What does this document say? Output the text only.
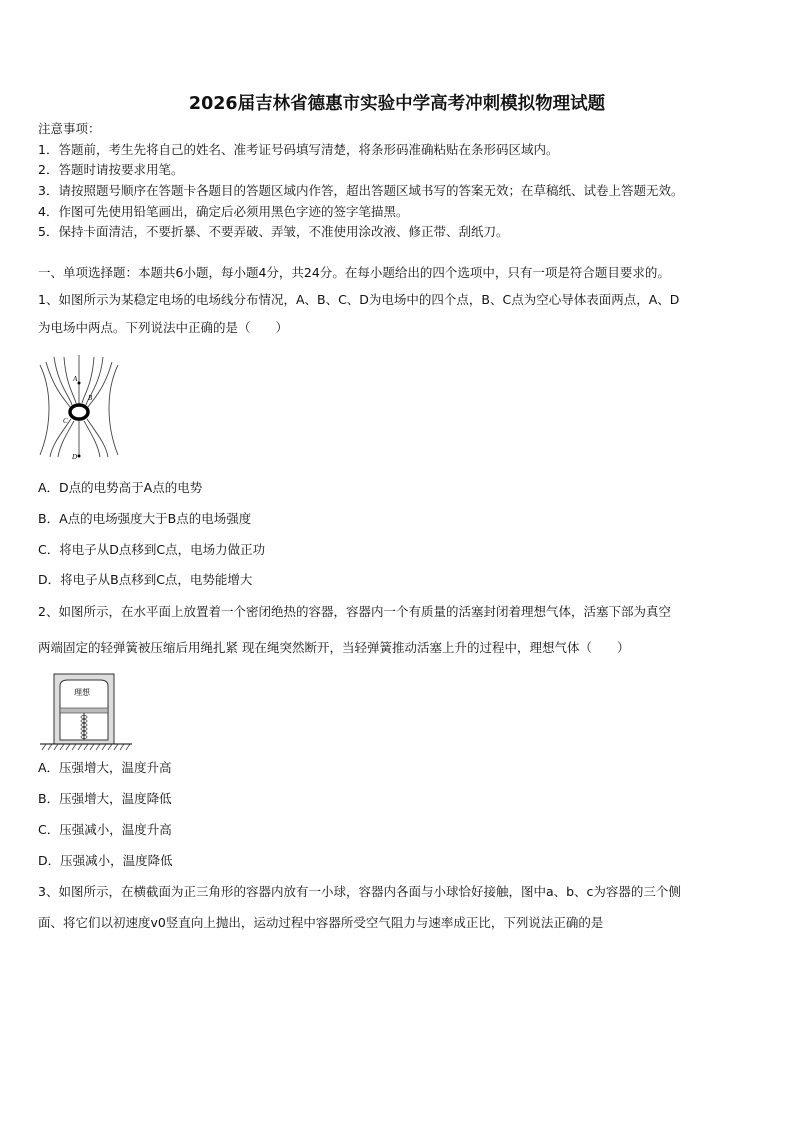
2026届吉林省德惠市实验中学高考冲刺模拟物理试题
注意事项：
1．答题前，考生先将自己的姓名、准考证号码填写清楚，将条形码准确粘贴在条形码区域内。
2．答题时请按要求用笔。
3．请按照题号顺序在答题卡各题目的答题区域内作答，超出答题区域书写的答案无效；在草稿纸、试卷上答题无效。
4．作图可先使用铅笔画出，确定后必须用黑色字迹的签字笔描黑。
5．保持卡面清洁，不要折暴、不要弄破、弄皱，不准使用涂改液、修正带、刮纸刀。
一、单项选择题：本题共6小题，每小题4分，共24分。在每小题给出的四个选项中，只有一项是符合题目要求的。
1、如图所示为某稳定电场的电场线分布情况，A、B、C、D为电场中的四个点，B、C点为空心导体表面两点，A、D
为电场中两点。下列说法中正确的是（　　）
A
B
C
D
A．D点的电势高于A点的电势
B．A点的电场强度大于B点的电场强度
C．将电子从D点移到C点，电场力做正功
D．将电子从B点移到C点，电势能增大
2、如图所示，在水平面上放置着一个密闭绝热的容器，容器内一个有质量的活塞封闭着理想气体，活塞下部为真空
两端固定的轻弹簧被压缩后用绳扎紧 现在绳突然断开，当轻弹簧推动活塞上升的过程中，理想气体（　　）
理想
A．压强增大，温度升高
B．压强增大，温度降低
C．压强减小，温度升高
D．压强减小，温度降低
3、如图所示，在横截面为正三角形的容器内放有一小球，容器内各面与小球恰好接触，图中a、b、c为容器的三个侧
面、将它们以初速度v0竖直向上抛出，运动过程中容器所受空气阻力与速率成正比，下列说法正确的是
